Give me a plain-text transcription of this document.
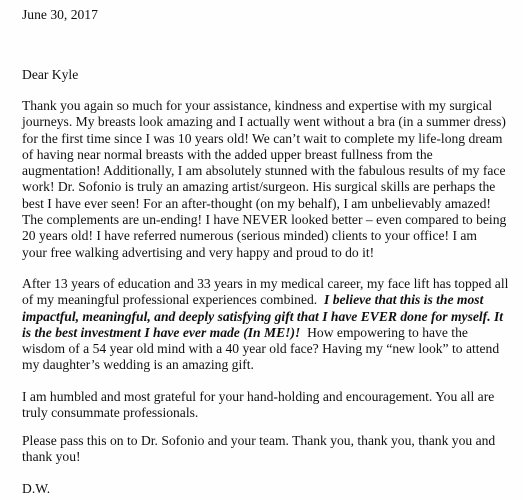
June 30, 2017
Dear Kyle
Thank you again so much for your assistance, kindness and expertise with my surgical
journeys. My breasts look amazing and I actually went without a bra (in a summer dress)
for the first time since I was 10 years old! We can’t wait to complete my life-long dream
of having near normal breasts with the added upper breast fullness from the
augmentation! Additionally, I am absolutely stunned with the fabulous results of my face
work! Dr. Sofonio is truly an amazing artist/surgeon. His surgical skills are perhaps the
best I have ever seen! For an after-thought (on my behalf), I am unbelievably amazed!
The complements are un-ending! I have NEVER looked better – even compared to being
20 years old! I have referred numerous (serious minded) clients to your office! I am
your free walking advertising and very happy and proud to do it!
After 13 years of education and 33 years in my medical career, my face lift has topped all
of my meaningful professional experiences combined.  I believe that this is the most
impactful, meaningful, and deeply satisfying gift that I have EVER done for myself. It
is the best investment I have ever made (In ME!)!  How empowering to have the
wisdom of a 54 year old mind with a 40 year old face? Having my “new look” to attend
my daughter’s wedding is an amazing gift.
I am humbled and most grateful for your hand-holding and encouragement. You all are
truly consummate professionals.
Please pass this on to Dr. Sofonio and your team. Thank you, thank you, thank you and
thank you!
D.W.
